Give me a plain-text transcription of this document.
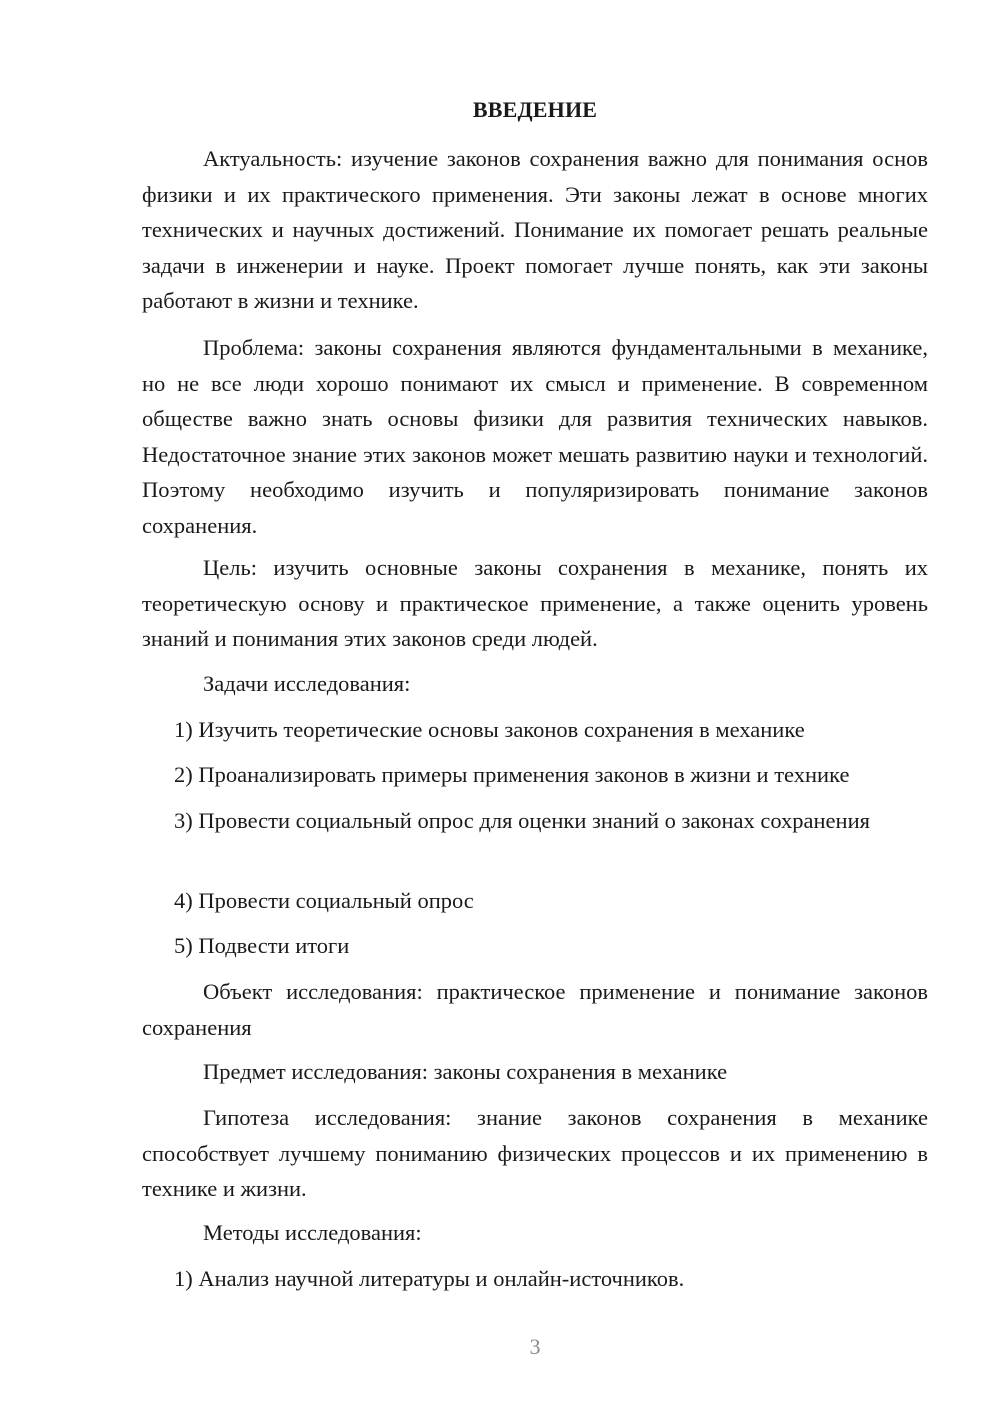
ВВЕДЕНИЕ

Актуальность: изучение законов сохранения важно для понимания основ физики и их практического применения. Эти законы лежат в основе многих технических и научных достижений. Понимание их помогает решать реальные задачи в инженерии и науке. Проект помогает лучше понять, как эти законы работают в жизни и технике.

Проблема: законы сохранения являются фундаментальными в механике, но не все люди хорошо понимают их смысл и применение. В современном обществе важно знать основы физики для развития технических навыков. Недостаточное знание этих законов может мешать развитию науки и технологий. Поэтому необходимо изучить и популяризировать понимание законов сохранения.

Цель: изучить основные законы сохранения в механике, понять их теоретическую основу и практическое применение, а также оценить уровень знаний и понимания этих законов среди людей.

Задачи исследования:

1) Изучить теоретические основы законов сохранения в механике

2) Проанализировать примеры применения законов в жизни и технике

3) Провести социальный опрос для оценки знаний о законах сохранения

4) Провести социальный опрос

5) Подвести итоги

Объект исследования: практическое применение и понимание законов сохранения

Предмет исследования: законы сохранения в механике

Гипотеза исследования: знание законов сохранения в механике способствует лучшему пониманию физических процессов и их применению в технике и жизни.

Методы исследования:

1) Анализ научной литературы и онлайн-источников.

3
